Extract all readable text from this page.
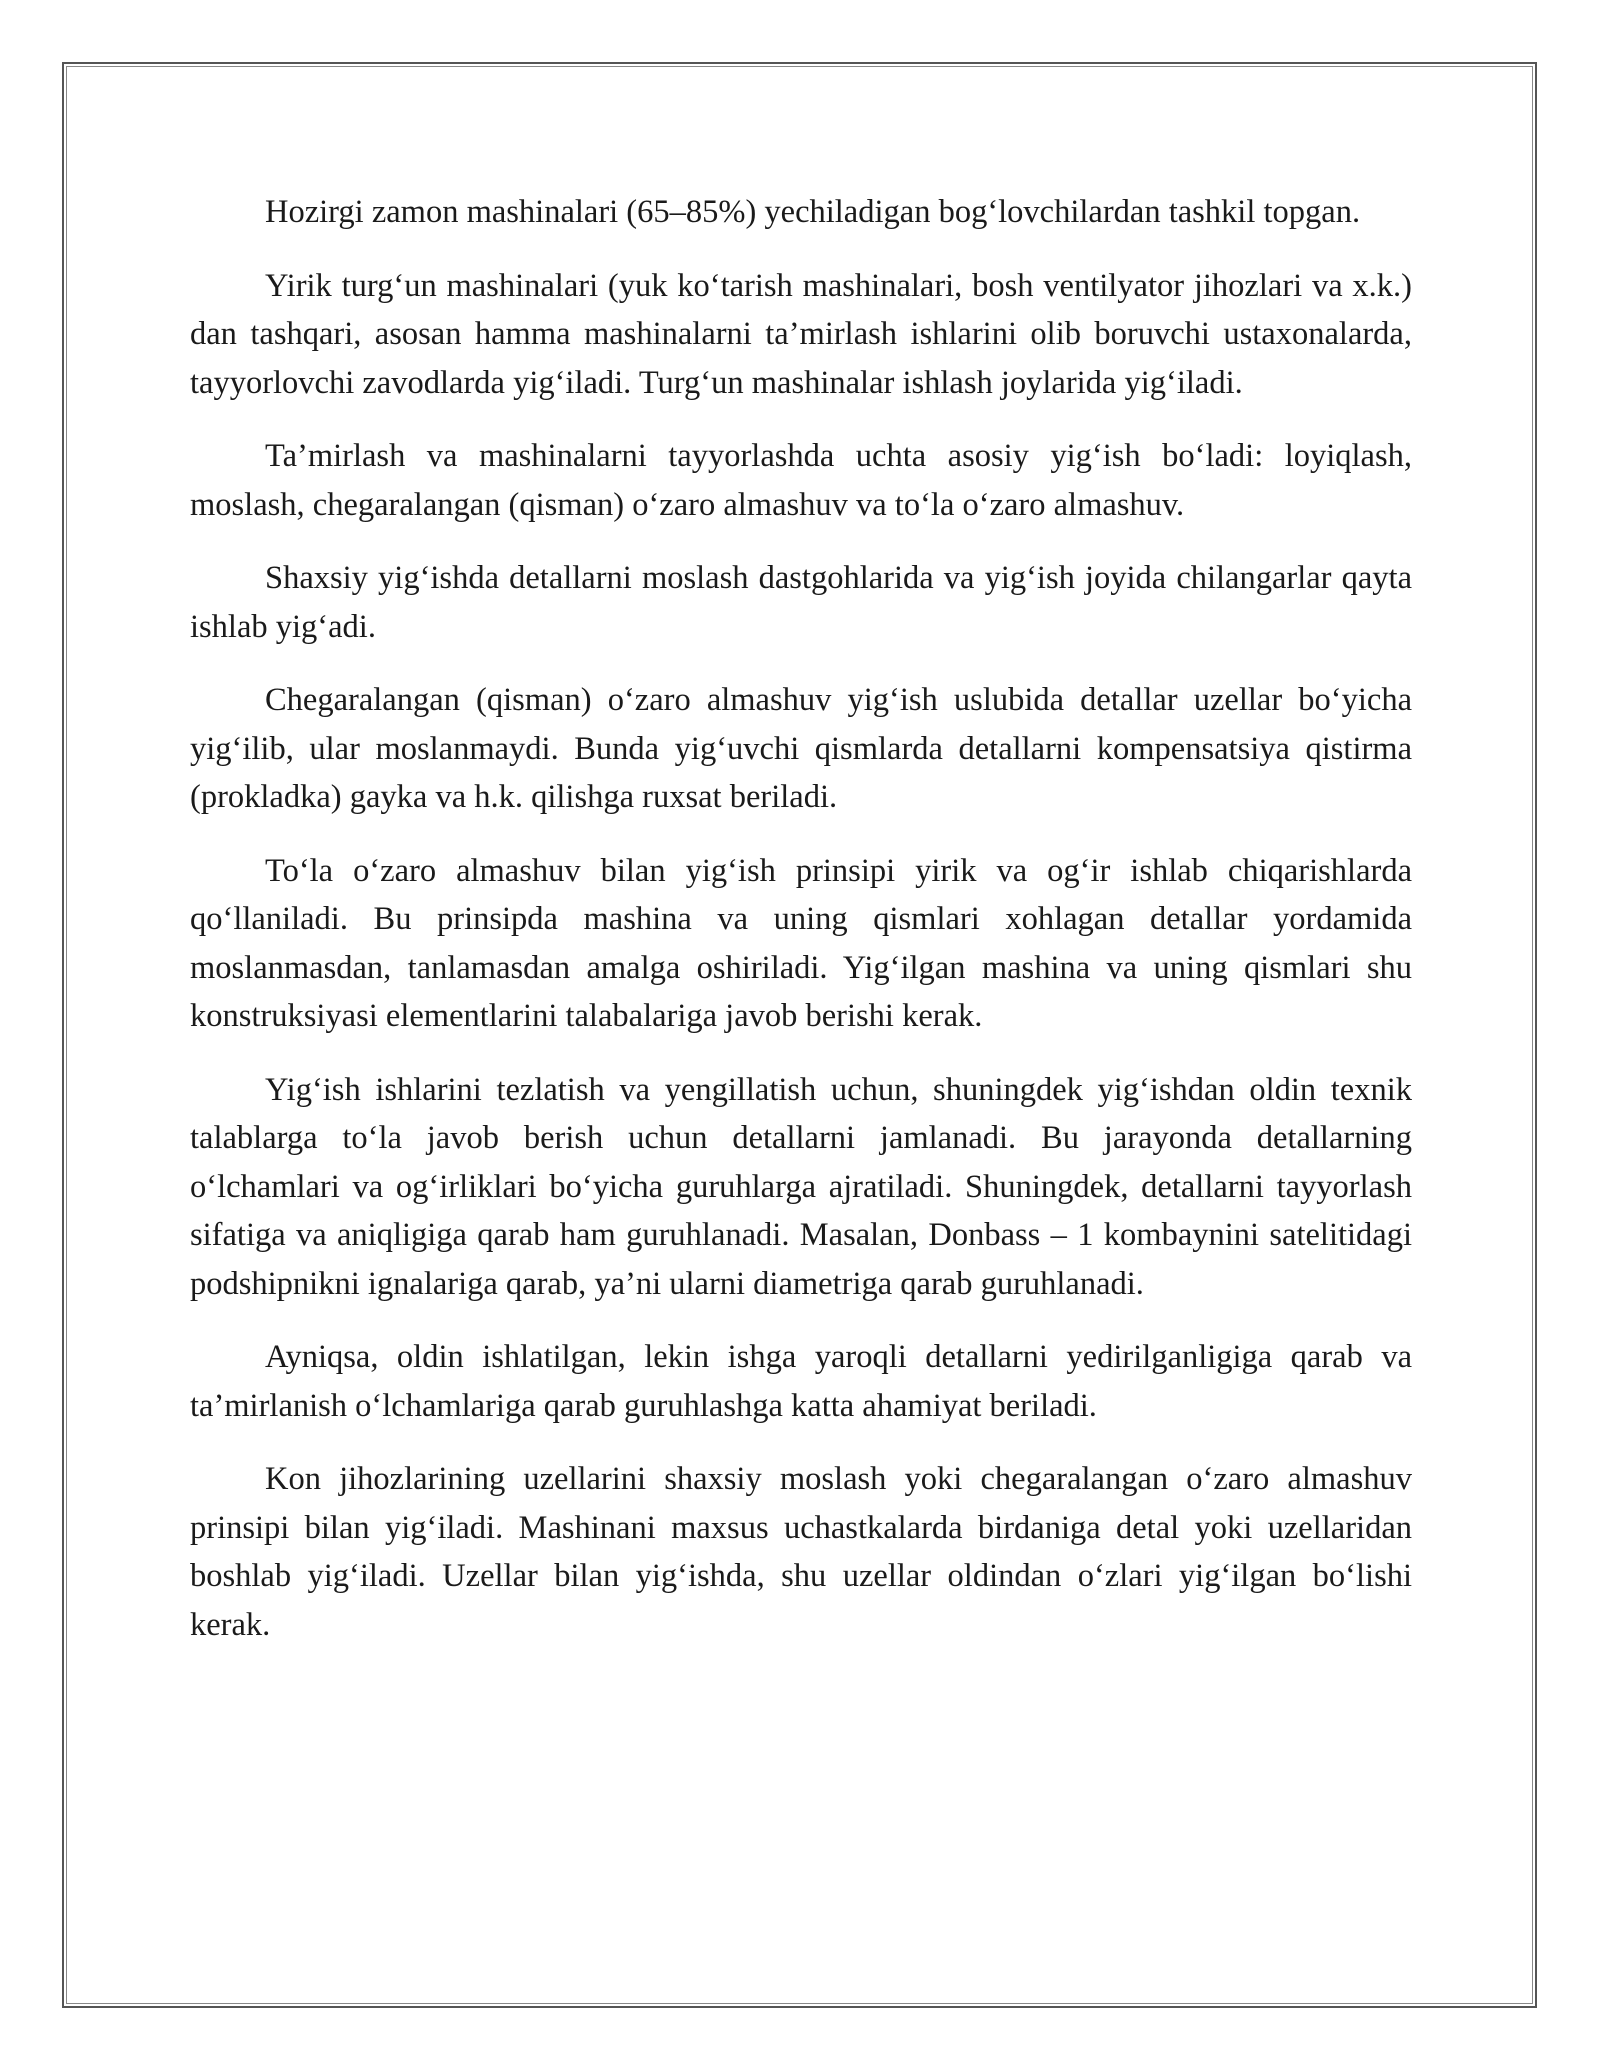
Hozirgi zamon mashinalari (65–85%) yechiladigan bog‘lovchilardan tashkil topgan.

Yirik turg‘un mashinalari (yuk ko‘tarish mashinalari, bosh ventilyator jihozlari va x.k.) dan tashqari, asosan hamma mashinalarni ta’mirlash ishlarini olib boruvchi ustaxonalarda, tayyorlovchi zavodlarda yig‘iladi. Turg‘un mashinalar ishlash joylarida yig‘iladi.

Ta’mirlash va mashinalarni tayyorlashda uchta asosiy yig‘ish bo‘ladi: loyiqlash, moslash, chegaralangan (qisman) o‘zaro almashuv va to‘la o‘zaro almashuv.

Shaxsiy yig‘ishda detallarni moslash dastgohlarida va yig‘ish joyida chilangarlar qayta ishlab yig‘adi.

Chegaralangan (qisman) o‘zaro almashuv yig‘ish uslubida detallar uzellar bo‘yicha yig‘ilib, ular moslanmaydi. Bunda yig‘uvchi qismlarda detallarni kompensatsiya qistirma (prokladka) gayka va h.k. qilishga ruxsat beriladi.

To‘la o‘zaro almashuv bilan yig‘ish prinsipi yirik va og‘ir ishlab chiqarishlarda qo‘llaniladi. Bu prinsipda mashina va uning qismlari xohlagan detallar yordamida moslanmasdan, tanlamasdan amalga oshiriladi. Yig‘ilgan mashina va uning qismlari shu konstruksiyasi elementlarini talabalariga javob berishi kerak.

Yig‘ish ishlarini tezlatish va yengillatish uchun, shuningdek yig‘ishdan oldin texnik talablarga to‘la javob berish uchun detallarni jamlanadi. Bu jarayonda detallarning o‘lchamlari va og‘irliklari bo‘yicha guruhlarga ajratiladi. Shuningdek, detallarni tayyorlash sifatiga va aniqligiga qarab ham guruhlanadi. Masalan, Donbass – 1 kombaynini satelitidagi podshipnikni ignalariga qarab, ya’ni ularni diametriga qarab guruhlanadi.

Ayniqsa, oldin ishlatilgan, lekin ishga yaroqli detallarni yedirilganligiga qarab va ta’mirlanish o‘lchamlariga qarab guruhlashga katta ahamiyat beriladi.

Kon jihozlarining uzellarini shaxsiy moslash yoki chegaralangan o‘zaro almashuv prinsipi bilan yig‘iladi. Mashinani maxsus uchastkalarda birdaniga detal yoki uzellaridan boshlab yig‘iladi. Uzellar bilan yig‘ishda, shu uzellar oldindan o‘zlari yig‘ilgan bo‘lishi kerak.
